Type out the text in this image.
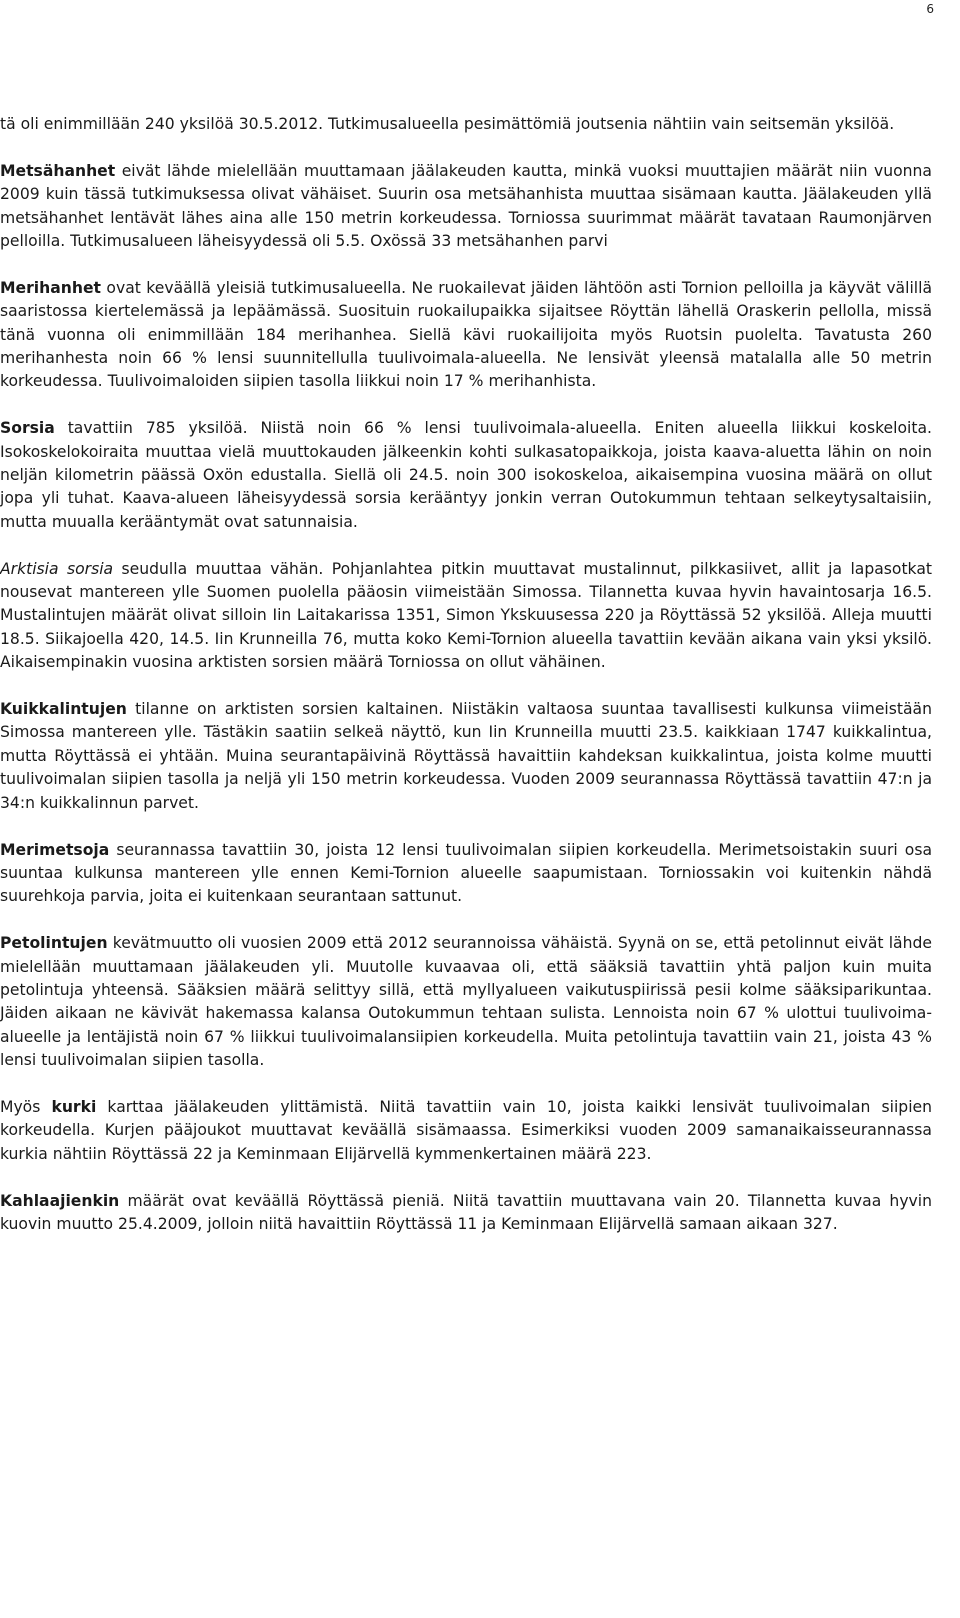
6

tä oli enimmillään 240 yksilöä 30.5.2012. Tutkimusalueella pesimättömiä joutsenia nähtiin vain seitsemän yksilöä.

Metsähanhet eivät lähde mielellään muuttamaan jäälakeuden kautta, minkä vuoksi muuttajien määrät niin vuonna 2009 kuin tässä tutkimuksessa olivat vähäiset. Suurin osa metsähanhista muuttaa sisämaan kautta. Jäälakeuden yllä metsähanhet lentävät lähes aina alle 150 metrin korkeudessa. Torniossa suurimmat määrät tavataan Raumonjärven pelloilla. Tutkimusalueen läheisyydessä oli 5.5. Oxössä 33 metsähanhen parvi

Merihanhet ovat keväällä yleisiä tutkimusalueella. Ne ruokailevat jäiden lähtöön asti Tornion pelloilla ja käyvät välillä saaristossa kiertelemässä ja lepäämässä. Suosituin ruokailupaikka sijaitsee Röyttän lähellä Oraskerin pellolla, missä tänä vuonna oli enimmillään 184 merihanhea. Siellä kävi ruokailijoita myös Ruotsin puolelta. Tavatusta 260 merihanhesta noin 66 % lensi suunnitellulla tuulivoimala-alueella. Ne lensivät yleensä matalalla alle 50 metrin korkeudessa. Tuulivoimaloiden siipien tasolla liikkui noin 17 % merihanhista.

Sorsia tavattiin 785 yksilöä. Niistä noin 66 % lensi tuulivoimala-alueella. Eniten alueella liikkui koskeloita. Isokoskelokoiraita muuttaa vielä muuttokauden jälkeenkin kohti sulkasatopaikkoja, joista kaava-aluetta lähin on noin neljän kilometrin päässä Oxön edustalla. Siellä oli 24.5. noin 300 isokoskeloa, aikaisempina vuosina määrä on ollut jopa yli tuhat. Kaava-alueen läheisyydessä sorsia kerääntyy jonkin verran Outokummun tehtaan selkeytysaltaisiin, mutta muualla kerääntymät ovat satunnaisia.

Arktisia sorsia seudulla muuttaa vähän. Pohjanlahtea pitkin muuttavat mustalinnut, pilkkasiivet, allit ja lapasotkat nousevat mantereen ylle Suomen puolella pääosin viimeistään Simossa. Tilannetta kuvaa hyvin havaintosarja 16.5. Mustalintujen määrät olivat silloin Iin Laitakarissa 1351, Simon Ykskuusessa 220 ja Röyttässä 52 yksilöä. Alleja muutti 18.5. Siikajoella 420, 14.5. Iin Krunneilla 76, mutta koko Kemi-Tornion alueella tavattiin kevään aikana vain yksi yksilö. Aikaisempinakin vuosina arktisten sorsien määrä Torniossa on ollut vähäinen.

Kuikkalintujen tilanne on arktisten sorsien kaltainen. Niistäkin valtaosa suuntaa tavallisesti kulkunsa viimeistään Simossa mantereen ylle. Tästäkin saatiin selkeä näyttö, kun Iin Krunneilla muutti 23.5. kaikkiaan 1747 kuikkalintua, mutta Röyttässä ei yhtään. Muina seurantapäivinä Röyttässä havaittiin kahdeksan kuikkalintua, joista kolme muutti tuulivoimalan siipien tasolla ja neljä yli 150 metrin korkeudessa. Vuoden 2009 seurannassa Röyttässä tavattiin 47:n ja 34:n kuikkalinnun parvet.

Merimetsoja seurannassa tavattiin 30, joista 12 lensi tuulivoimalan siipien korkeudella. Merimetsoistakin suuri osa suuntaa kulkunsa mantereen ylle ennen Kemi-Tornion alueelle saapumistaan. Torniossakin voi kuitenkin nähdä suurehkoja parvia, joita ei kuitenkaan seurantaan sattunut.

Petolintujen kevätmuutto oli vuosien 2009 että 2012 seurannoissa vähäistä. Syynä on se, että petolinnut eivät lähde mielellään muuttamaan jäälakeuden yli. Muutolle kuvaavaa oli, että sääksiä tavattiin yhtä paljon kuin muita petolintuja yhteensä. Sääksien määrä selittyy sillä, että myllyalueen vaikutuspiirissä pesii kolme sääksiparikuntaa. Jäiden aikaan ne kävivät hakemassa kalansa Outokummun tehtaan sulista. Lennoista noin 67 % ulottui tuulivoima-alueelle ja lentäjistä noin 67 % liikkui tuulivoimalansiipien korkeudella. Muita petolintuja tavattiin vain 21, joista 43 % lensi tuulivoimalan siipien tasolla.

Myös kurki karttaa jäälakeuden ylittämistä. Niitä tavattiin vain 10, joista kaikki lensivät tuulivoimalan siipien korkeudella. Kurjen pääjoukot muuttavat keväällä sisämaassa. Esimerkiksi vuoden 2009 samanaikaisseurannassa kurkia nähtiin Röyttässä 22 ja Keminmaan Elijärvellä kymmenkertainen määrä 223.

Kahlaajienkin määrät ovat keväällä Röyttässä pieniä. Niitä tavattiin muuttavana vain 20. Tilannetta kuvaa hyvin kuovin muutto 25.4.2009, jolloin niitä havaittiin Röyttässä 11 ja Keminmaan Elijärvellä samaan aikaan 327.
